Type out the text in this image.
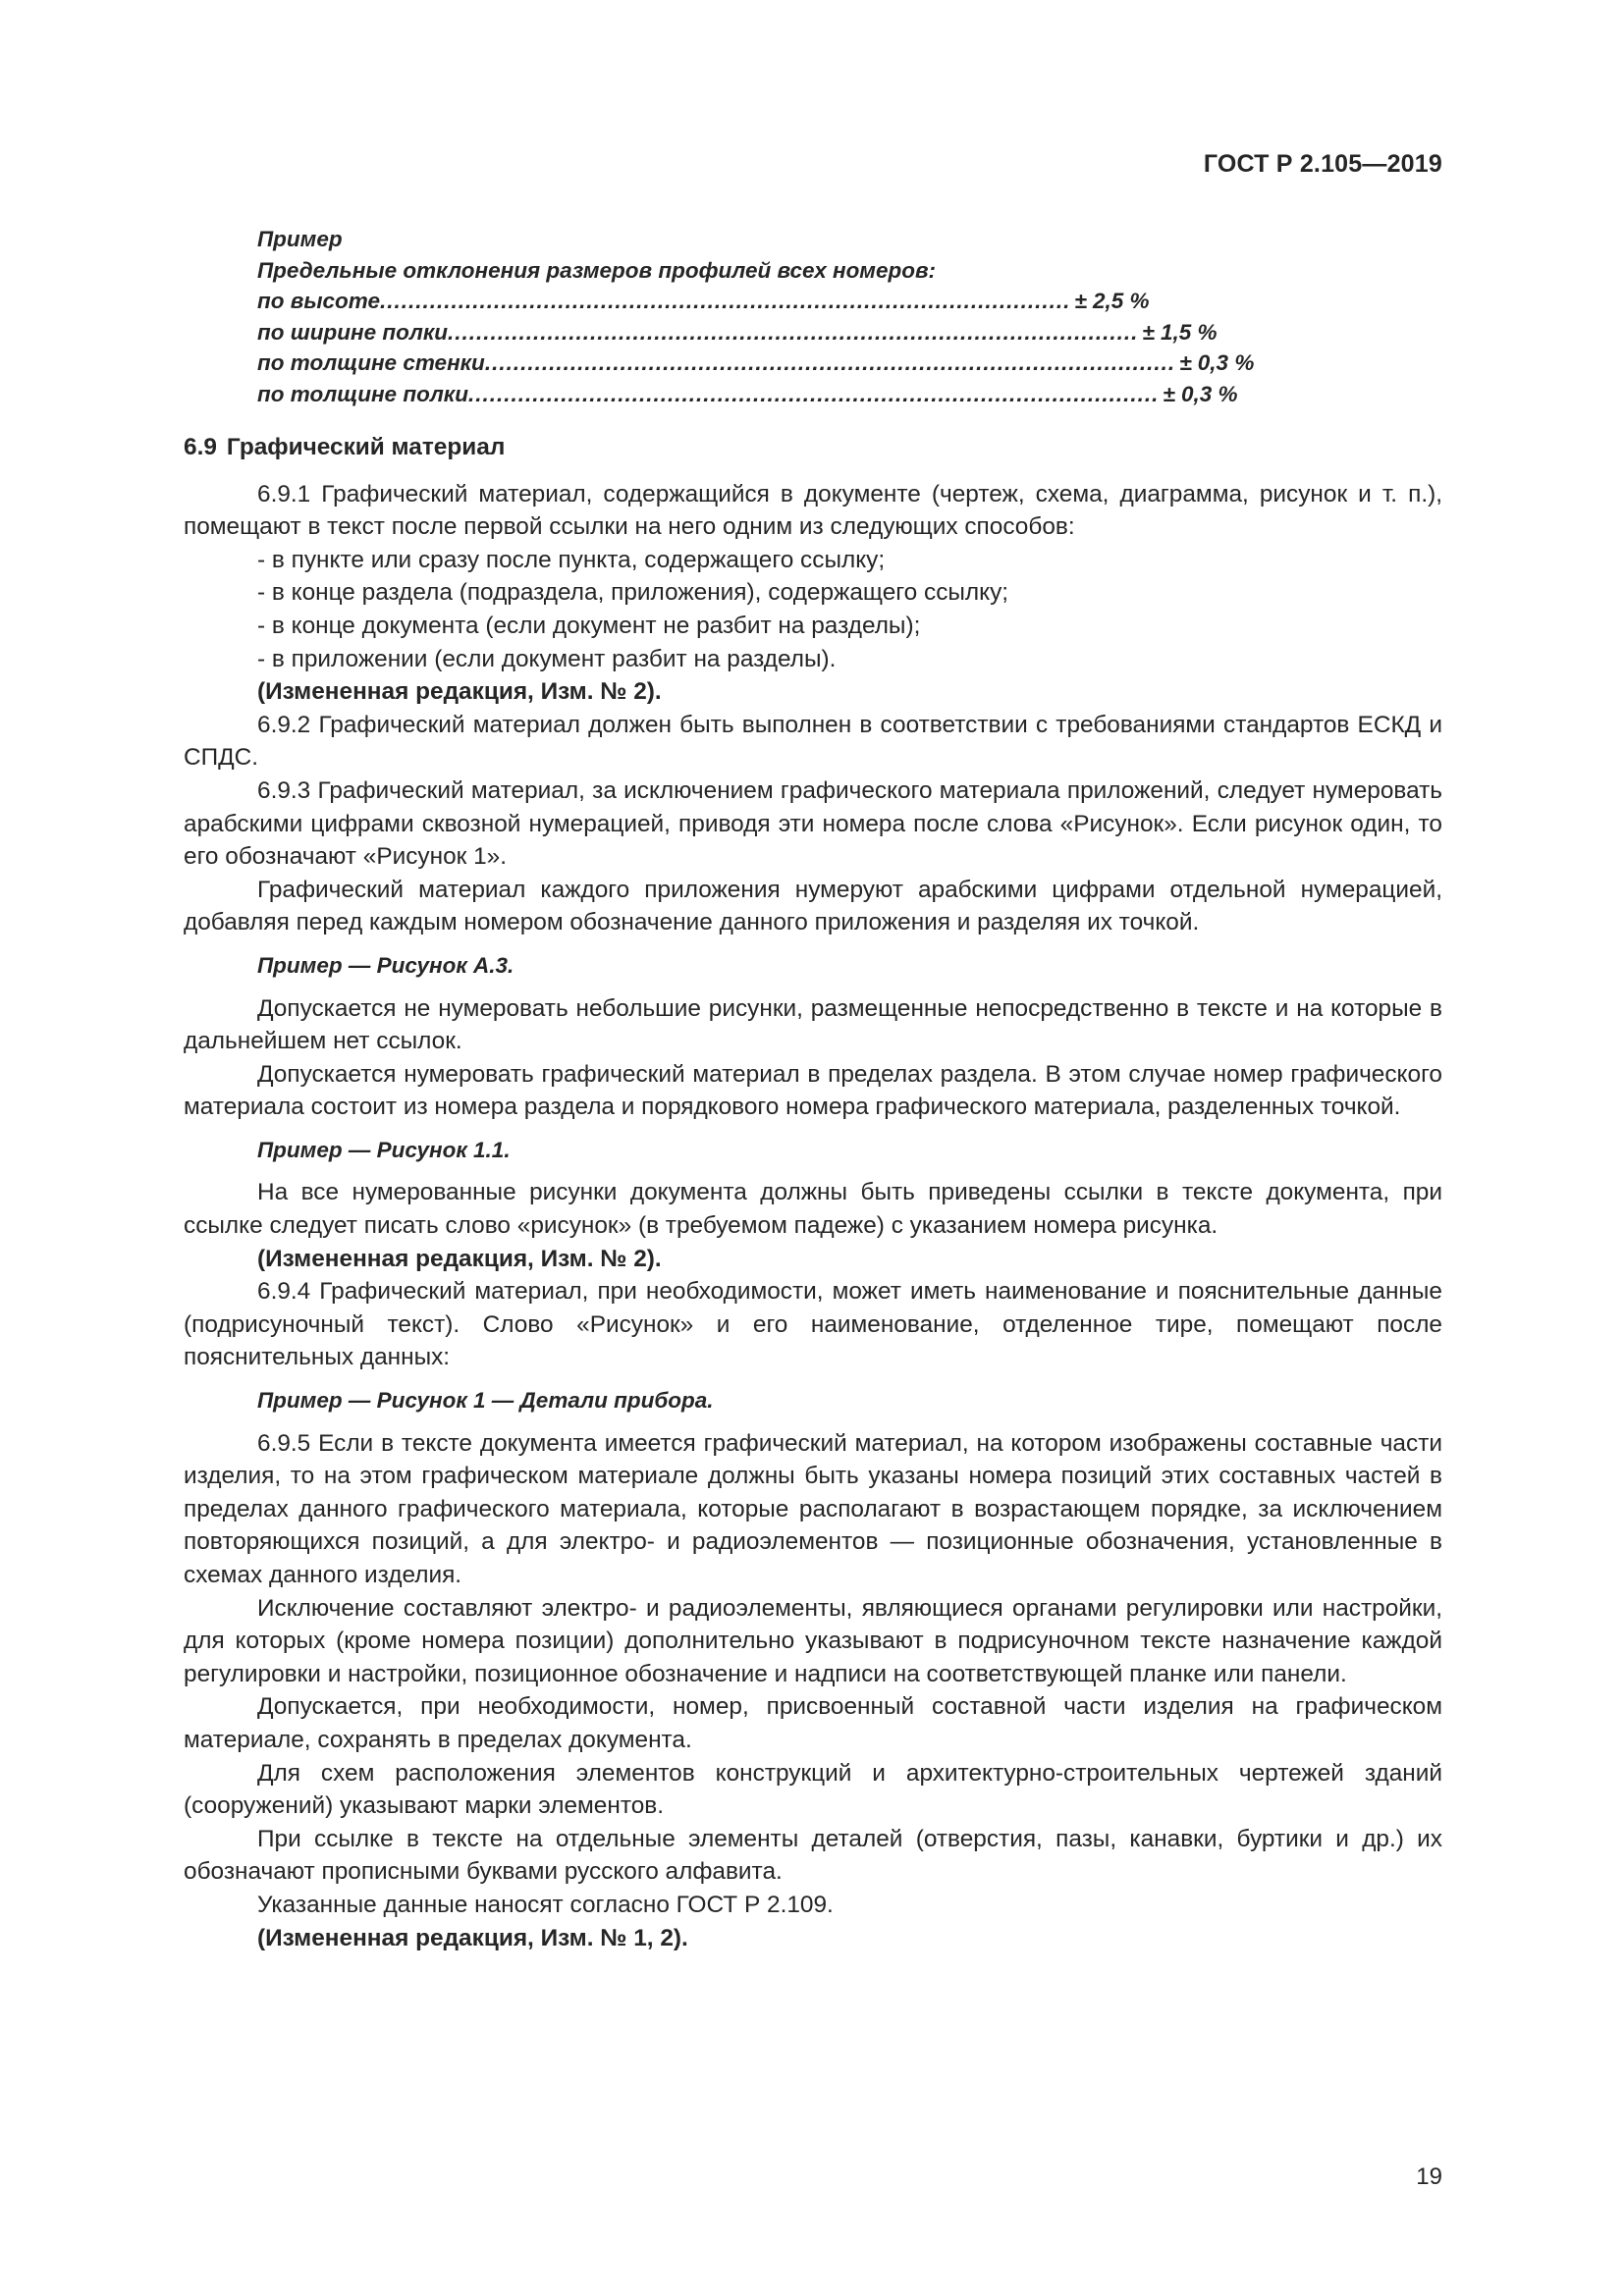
ГОСТ Р 2.105—2019
Пример
Предельные отклонения размеров профилей всех номеров:
по высоте ................................................................................................. ± 2,5 %
по ширине полки ................................................................................................. ± 1,5 %
по толщине стенки ................................................................................................. ± 0,3 %
по толщине полки ................................................................................................. ± 0,3 %

6.9 Графический материал

6.9.1 Графический материал, содержащийся в документе (чертеж, схема, диаграмма, рисунок и т. п.), помещают в текст после первой ссылки на него одним из следующих способов:

- в пункте или сразу после пункта, содержащего ссылку;

- в конце раздела (подраздела, приложения), содержащего ссылку;

- в конце документа (если документ не разбит на разделы);

- в приложении (если документ разбит на разделы).

(Измененная редакция, Изм. № 2).

6.9.2 Графический материал должен быть выполнен в соответствии с требованиями стандартов ЕСКД и СПДС.

6.9.3 Графический материал, за исключением графического материала приложений, следует нумеровать арабскими цифрами сквозной нумерацией, приводя эти номера после слова «Рисунок». Если рисунок один, то его обозначают «Рисунок 1».

Графический материал каждого приложения нумеруют арабскими цифрами отдельной нумерацией, добавляя перед каждым номером обозначение данного приложения и разделяя их точкой.

Пример — Рисунок А.3.

Допускается не нумеровать небольшие рисунки, размещенные непосредственно в тексте и на которые в дальнейшем нет ссылок.

Допускается нумеровать графический материал в пределах раздела. В этом случае номер графического материала состоит из номера раздела и порядкового номера графического материала, разделенных точкой.

Пример — Рисунок 1.1.

На все нумерованные рисунки документа должны быть приведены ссылки в тексте документа, при ссылке следует писать слово «рисунок» (в требуемом падеже) с указанием номера рисунка.

(Измененная редакция, Изм. № 2).

6.9.4 Графический материал, при необходимости, может иметь наименование и пояснительные данные (подрисуночный текст). Слово «Рисунок» и его наименование, отделенное тире, помещают после пояснительных данных:

Пример — Рисунок 1 — Детали прибора.

6.9.5 Если в тексте документа имеется графический материал, на котором изображены составные части изделия, то на этом графическом материале должны быть указаны номера позиций этих составных частей в пределах данного графического материала, которые располагают в возрастающем порядке, за исключением повторяющихся позиций, а для электро- и радиоэлементов — позиционные обозначения, установленные в схемах данного изделия.

Исключение составляют электро- и радиоэлементы, являющиеся органами регулировки или настройки, для которых (кроме номера позиции) дополнительно указывают в подрисуночном тексте назначение каждой регулировки и настройки, позиционное обозначение и надписи на соответствующей планке или панели.

Допускается, при необходимости, номер, присвоенный составной части изделия на графическом материале, сохранять в пределах документа.

Для схем расположения элементов конструкций и архитектурно-строительных чертежей зданий (сооружений) указывают марки элементов.

При ссылке в тексте на отдельные элементы деталей (отверстия, пазы, канавки, буртики и др.) их обозначают прописными буквами русского алфавита.

Указанные данные наносят согласно ГОСТ Р 2.109.

(Измененная редакция, Изм. № 1, 2).

19
